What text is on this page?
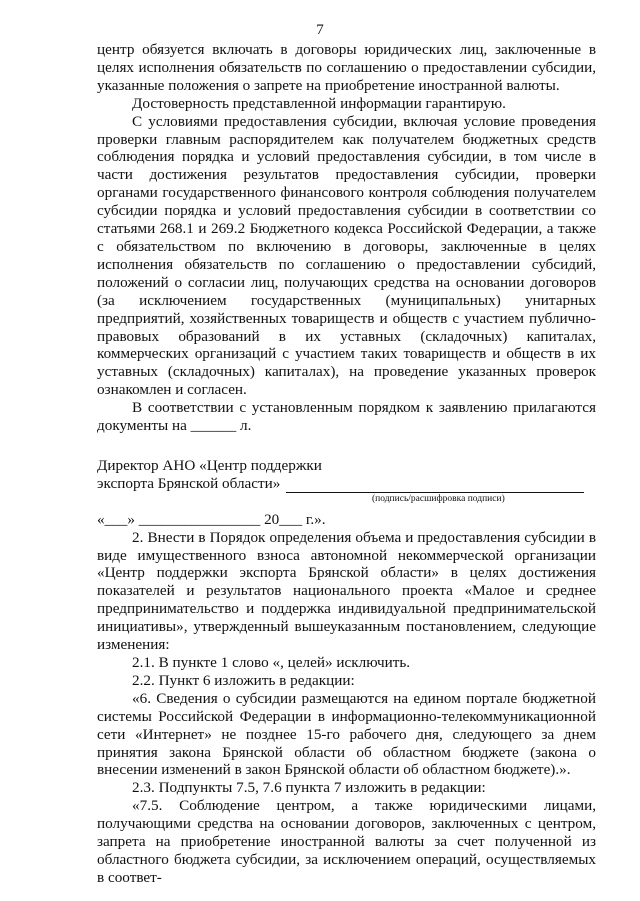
7

центр обязуется включать в договоры юридических лиц, заключенные в целях исполнения обязательств по соглашению о предоставлении субсидии, указанные положения о запрете на приобретение иностранной валюты.

Достоверность представленной информации гарантирую.

С условиями предоставления субсидии, включая условие проведения проверки главным распорядителем как получателем бюджетных средств соблюдения порядка и условий предоставления субсидии, в том числе в части достижения результатов предоставления субсидии, проверки органами государственного финансового контроля соблюдения получателем субсидии порядка и условий предоставления субсидии в соответствии со статьями 268.1 и 269.2 Бюджетного кодекса Российской Федерации, а также с обязательством по включению в договоры, заключенные в целях исполнения обязательств по соглашению о предоставлении субсидий, положений о согласии лиц, получающих средства на основании договоров (за исключением государственных (муниципальных) унитарных предприятий, хозяйственных товариществ и обществ с участием публично-правовых образований в их уставных (складочных) капиталах, коммерческих организаций с участием таких товариществ и обществ в их уставных (складочных) капиталах), на проведение указанных проверок ознакомлен и согласен.

В соответствии с установленным порядком к заявлению прилагаются документы на ______ л.

Директор АНО «Центр поддержки

экспорта Брянской области»
(подпись/расшифровка подписи)

«___» ________________ 20___ г.».

2. Внести в Порядок определения объема и предоставления субсидии в виде имущественного взноса автономной некоммерческой организации «Центр поддержки экспорта Брянской области» в целях достижения показателей и результатов национального проекта «Малое и среднее предпринимательство и поддержка индивидуальной предпринимательской инициативы», утвержденный вышеуказанным постановлением, следующие изменения:

2.1. В пункте 1 слово «, целей» исключить.

2.2. Пункт 6 изложить в редакции:

«6. Сведения о субсидии размещаются на едином портале бюджетной системы Российской Федерации в информационно-телекоммуникационной сети «Интернет» не позднее 15-го рабочего дня, следующего за днем принятия закона Брянской области об областном бюджете (закона о внесении изменений в закон Брянской области об областном бюджете).».

2.3. Подпункты 7.5, 7.6 пункта 7 изложить в редакции:

«7.5. Соблюдение центром, а также юридическими лицами, получающими средства на основании договоров, заключенных с центром, запрета на приобретение иностранной валюты за счет полученной из областного бюджета субсидии, за исключением операций, осуществляемых в соответ-
